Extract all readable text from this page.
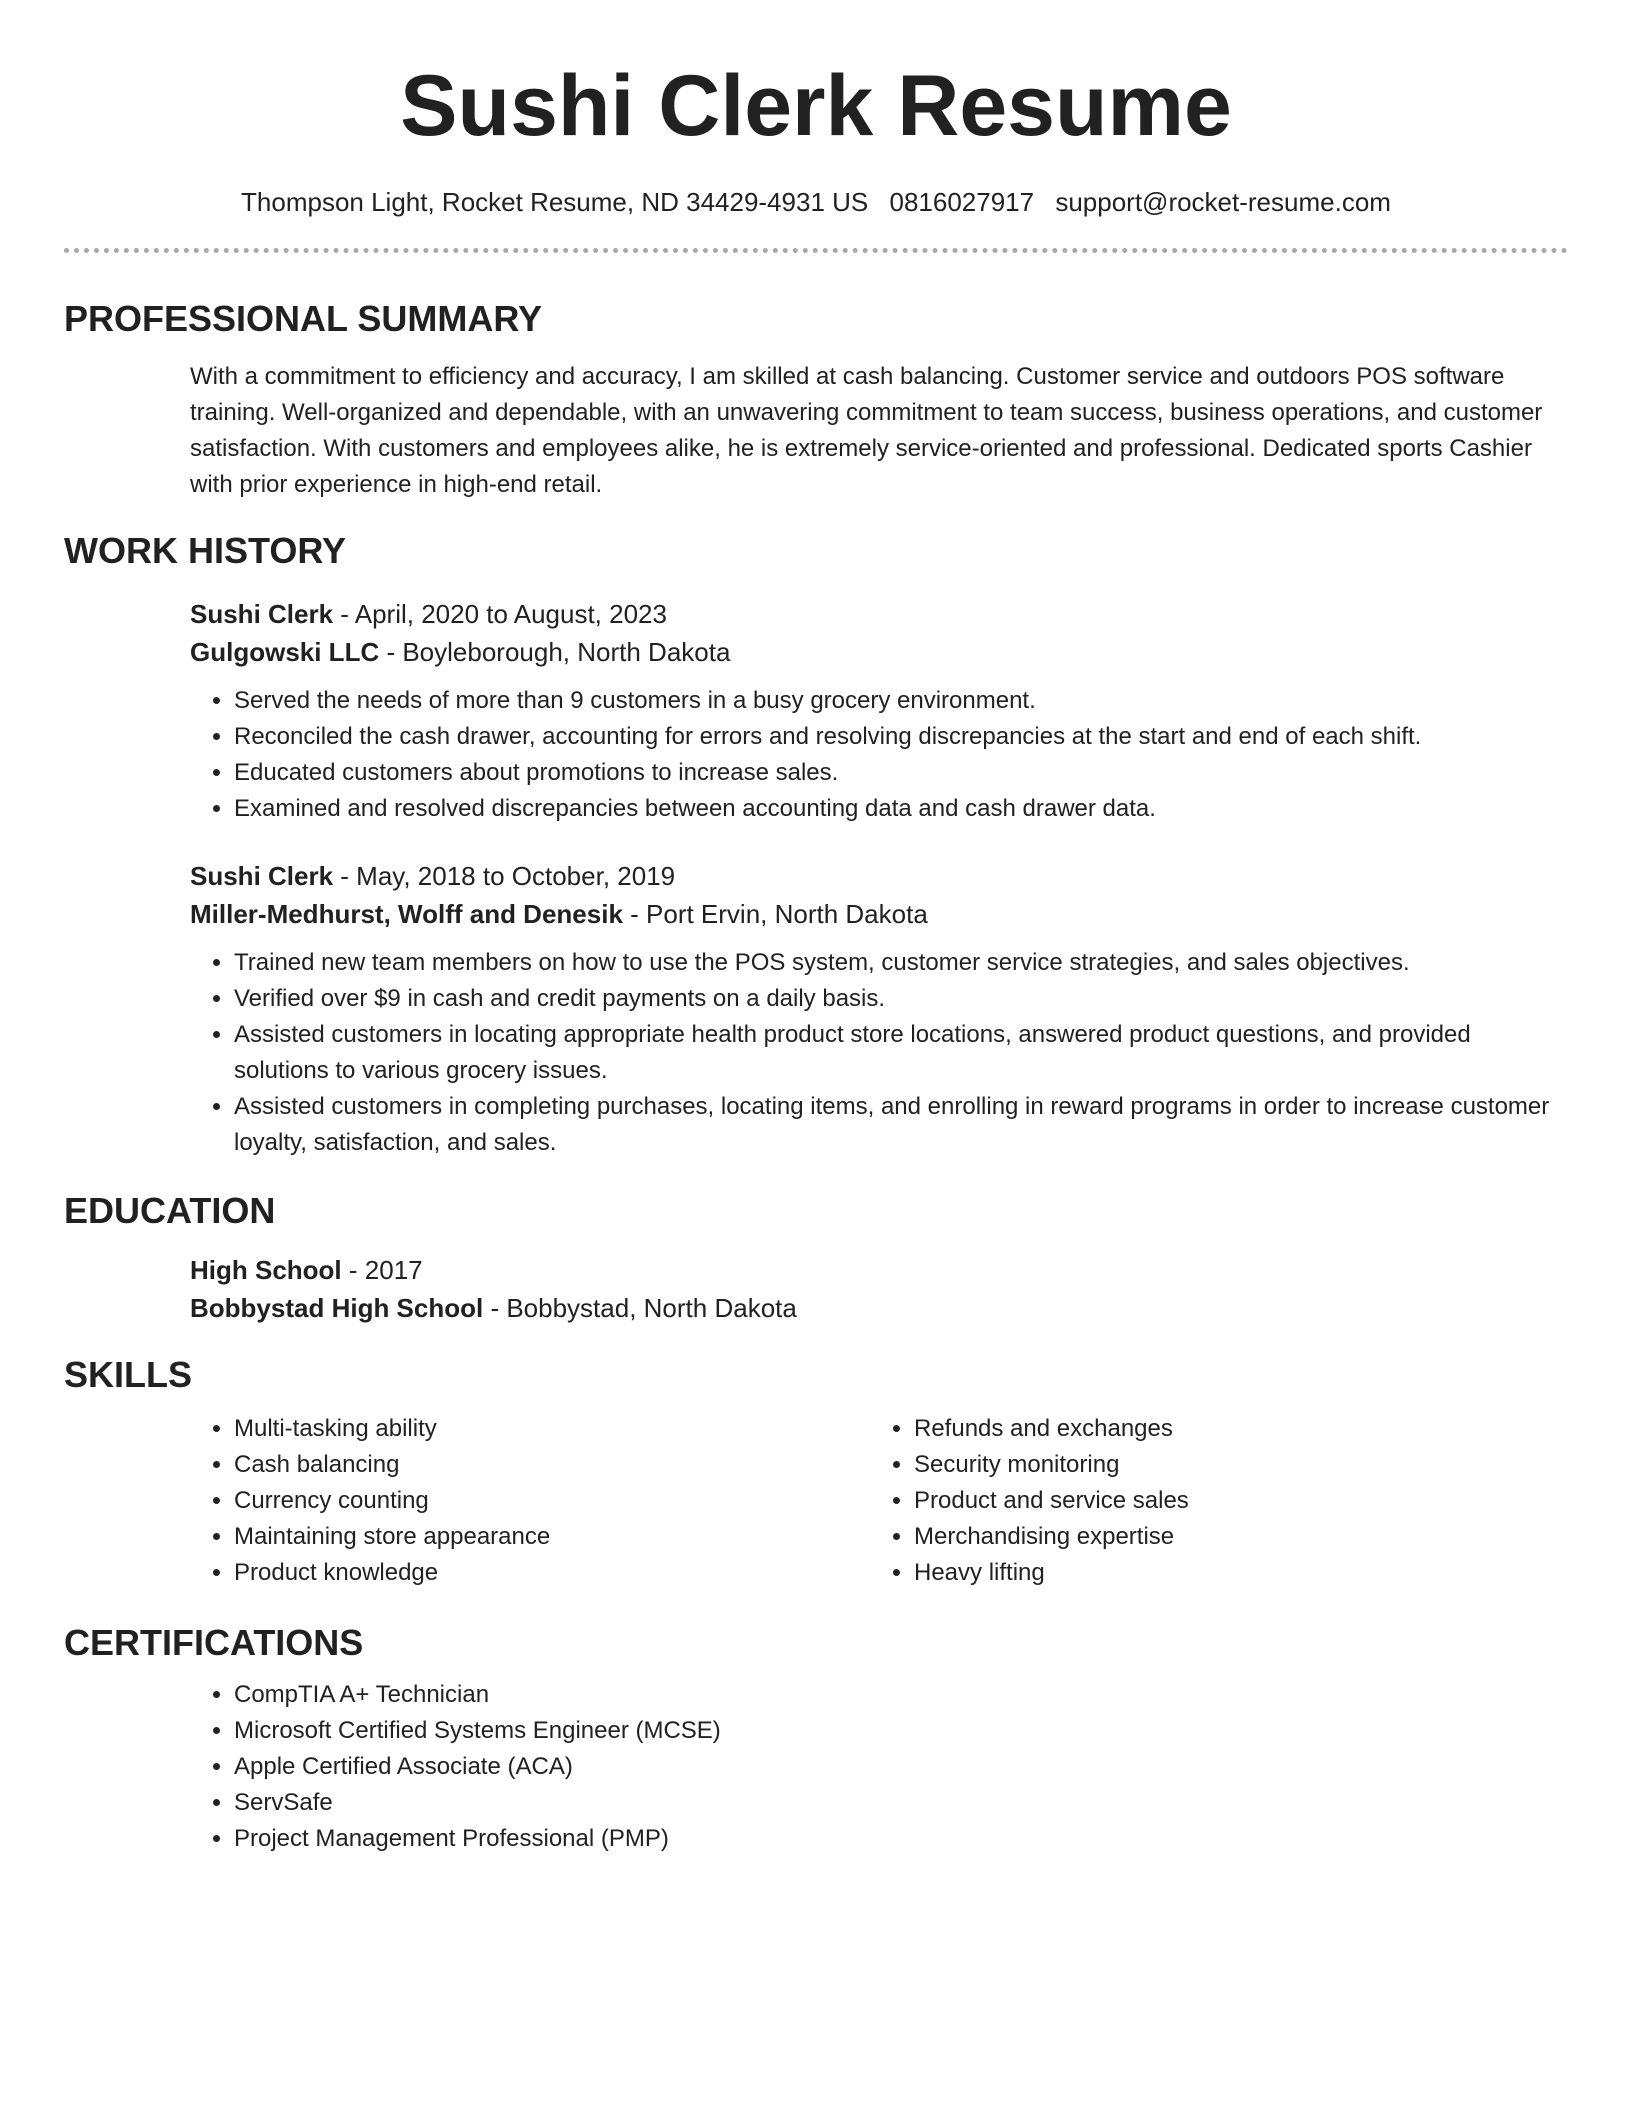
Sushi Clerk Resume
Thompson Light, Rocket Resume, ND 34429-4931 US 0816027917 support@rocket-resume.com
PROFESSIONAL SUMMARY
With a commitment to efficiency and accuracy, I am skilled at cash balancing. Customer service and outdoors POS software training. Well-organized and dependable, with an unwavering commitment to team success, business operations, and customer satisfaction. With customers and employees alike, he is extremely service-oriented and professional. Dedicated sports Cashier with prior experience in high-end retail.
WORK HISTORY
Sushi Clerk - April, 2020 to August, 2023
Gulgowski LLC - Boyleborough, North Dakota
• Served the needs of more than 9 customers in a busy grocery environment.
• Reconciled the cash drawer, accounting for errors and resolving discrepancies at the start and end of each shift.
• Educated customers about promotions to increase sales.
• Examined and resolved discrepancies between accounting data and cash drawer data.
Sushi Clerk - May, 2018 to October, 2019
Miller-Medhurst, Wolff and Denesik - Port Ervin, North Dakota
• Trained new team members on how to use the POS system, customer service strategies, and sales objectives.
• Verified over $9 in cash and credit payments on a daily basis.
• Assisted customers in locating appropriate health product store locations, answered product questions, and provided solutions to various grocery issues.
• Assisted customers in completing purchases, locating items, and enrolling in reward programs in order to increase customer loyalty, satisfaction, and sales.
EDUCATION
High School - 2017
Bobbystad High School - Bobbystad, North Dakota
SKILLS
• Multi-tasking ability
• Cash balancing
• Currency counting
• Maintaining store appearance
• Product knowledge
• Refunds and exchanges
• Security monitoring
• Product and service sales
• Merchandising expertise
• Heavy lifting
CERTIFICATIONS
• CompTIA A+ Technician
• Microsoft Certified Systems Engineer (MCSE)
• Apple Certified Associate (ACA)
• ServSafe
• Project Management Professional (PMP)
